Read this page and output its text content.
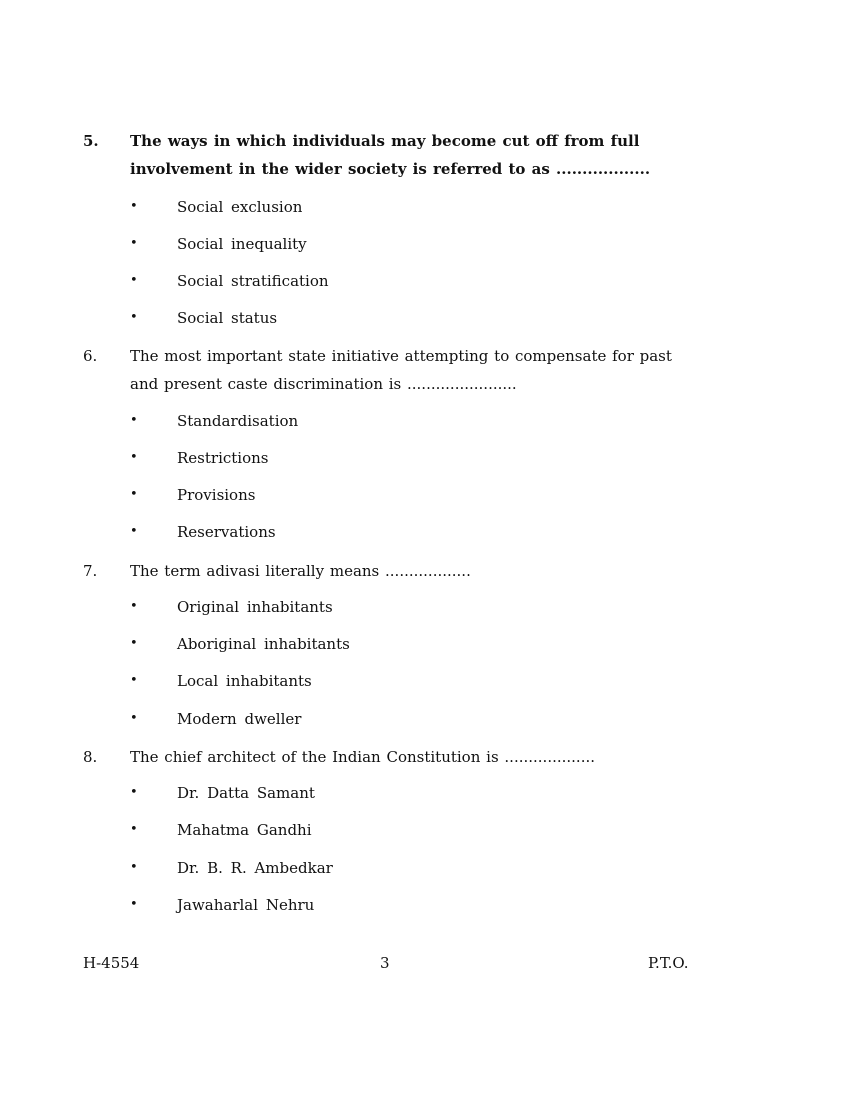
5. The ways in which individuals may become cut off from full involvement in the wider society is referred to as ..................
•	Social exclusion
•	Social inequality
•	Social stratification
•	Social status
6. The most important state initiative attempting to compensate for past and present caste discrimination is .......................
•	Standardisation
•	Restrictions
•	Provisions
•	Reservations
7. The term adivasi literally means ..................
•	Original inhabitants
•	Aboriginal inhabitants
•	Local inhabitants
•	Modern dweller
8. The chief architect of the Indian Constitution is ...................
•	Dr. Datta Samant
•	Mahatma Gandhi
•	Dr. B. R. Ambedkar
•	Jawaharlal Nehru
H-4554	3	P.T.O.
